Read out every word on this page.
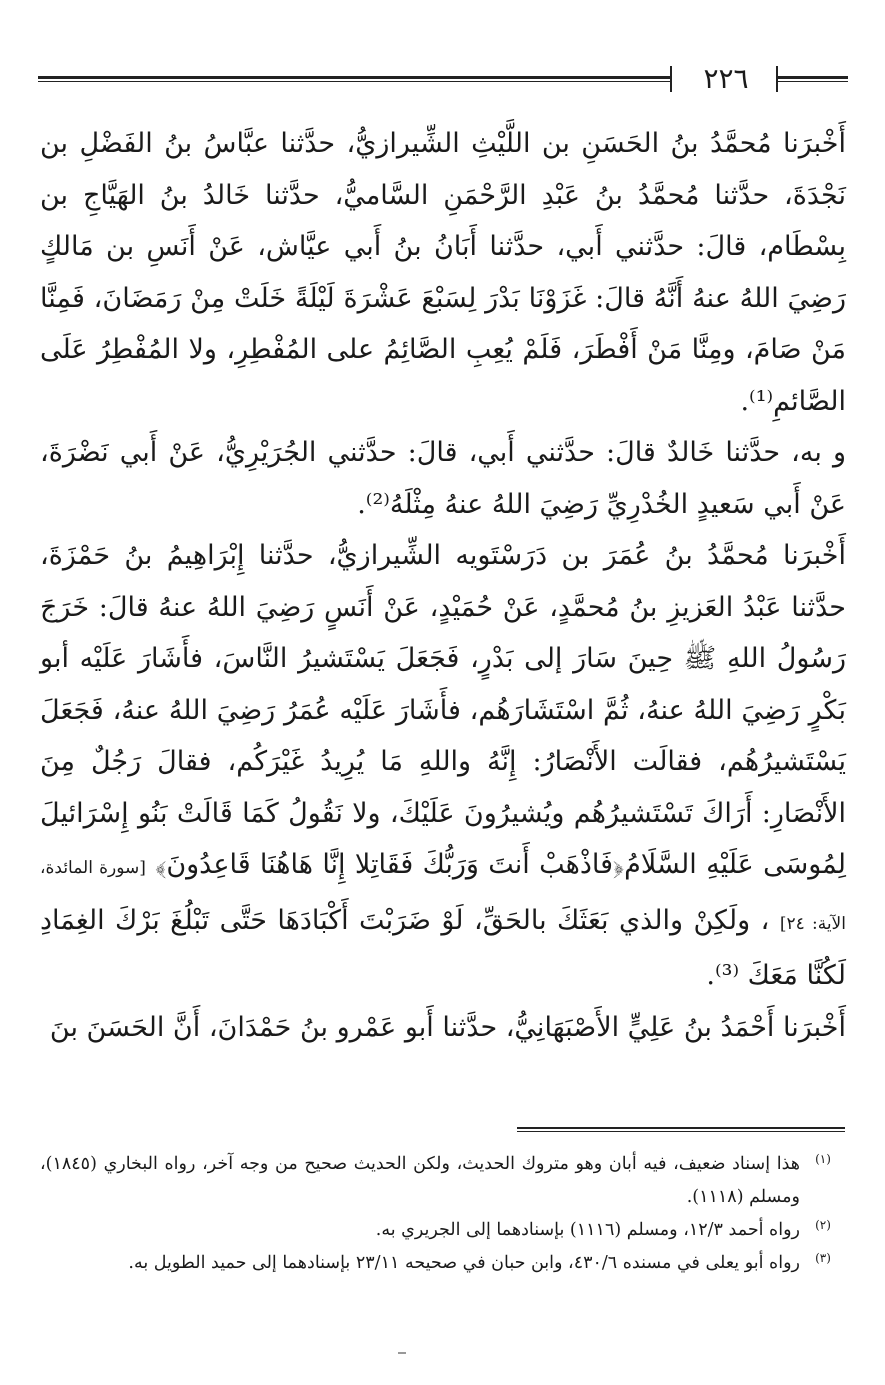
٢٢٦

أَخْبرَنا مُحمَّدُ بنُ الحَسَنِ بن اللَّيْثِ الشِّيرازيُّ، حدَّثنا عبَّاسُ بنُ الفَضْلِ بن نَجْدَةَ، حدَّثنا مُحمَّدُ بنُ عَبْدِ الرَّحْمَنِ السَّاميُّ، حدَّثنا خَالدُ بنُ الهَيَّاجِ بن بِسْطَام، قالَ: حدَّثني أَبي، حدَّثنا أَبَانُ بنُ أَبي عيَّاش، عَنْ أَنَسِ بن مَالكٍ رَضِيَ اللهُ عنهُ أَنَّهُ قالَ: غَزَوْنَا بَدْرَ لِسَبْعَ عَشْرَةَ لَيْلَةً خَلَتْ مِنْ رَمَضَانَ، فَمِنَّا مَنْ صَامَ، ومِنَّا مَنْ أَفْطَرَ، فَلَمْ يُعِبِ الصَّائِمُ على المُفْطِرِ، ولا المُفْطِرُ عَلَى الصَّائمِ⁽¹⁾.

و به، حدَّثنا خَالدٌ قالَ: حدَّثني أَبي، قالَ: حدَّثني الجُرَيْرِيُّ، عَنْ أَبي نَضْرَةَ، عَنْ أَبي سَعيدٍ الخُدْرِيِّ رَضِيَ اللهُ عنهُ مِثْلَهُ⁽²⁾.

أَخْبرَنا مُحمَّدُ بنُ عُمَرَ بن دَرَسْتَويه الشِّيرازيُّ، حدَّثنا إِبْرَاهِيمُ بنُ حَمْزَةَ، حدَّثنا عَبْدُ العَزيزِ بنُ مُحمَّدٍ، عَنْ حُمَيْدٍ، عَنْ أَنَسٍ رَضِيَ اللهُ عنهُ قالَ: خَرَجَ رَسُولُ اللهِ ﷺ حِينَ سَارَ إلى بَدْرٍ، فَجَعَلَ يَسْتَشيرُ النَّاسَ، فأَشَارَ عَلَيْه أبو بَكْرٍ رَضِيَ اللهُ عنهُ، ثُمَّ اسْتَشَارَهُم، فأَشَارَ عَلَيْه عُمَرُ رَضِيَ اللهُ عنهُ، فَجَعَلَ يَسْتَشيرُهُم، فقالَت الأَنْصَارُ: إِنَّهُ واللهِ مَا يُرِيدُ غَيْرَكُم، فقالَ رَجُلٌ مِنَ الأَنْصَارِ: أَرَاكَ تَسْتَشيرُهُم ويُشيرُونَ عَلَيْكَ، ولا نَقُولُ كَمَا قَالَتْ بَنُو إِسْرَائيلَ لِمُوسَى عَلَيْهِ السَّلَامُ﴿فَاذْهَبْ أَنتَ وَرَبُّكَ فَقَاتِلا إِنَّا هَاهُنَا قَاعِدُونَ﴾ [سورة المائدة، الآية: ٢٤] ، ولَكِنْ والذي بَعَثَكَ بالحَقِّ، لَوْ ضَرَبْتَ أَكْبَادَهَا حَتَّى تَبْلُغَ بَرْكَ الغِمَادِ لَكُنَّا مَعَكَ ⁽³⁾.

أَخْبرَنا أَحْمَدُ بنُ عَلِيٍّ الأَصْبَهَانِيُّ، حدَّثنا أَبو عَمْرو بنُ حَمْدَانَ، أَنَّ الحَسَنَ بنَ

(١)
هذا إسناد ضعيف، فيه أبان وهو متروك الحديث، ولكن الحديث صحيح من وجه آخر، رواه البخاري (١٨٤٥)، ومسلم (١١١٨).
(٢)
رواه أحمد ١٢/٣، ومسلم (١١١٦) بإسنادهما إلى الجريري به.
(٣)
رواه أبو يعلى في مسنده ٤٣٠/٦، وابن حبان في صحيحه ٢٣/١١ بإسنادهما إلى حميد الطويل به.
